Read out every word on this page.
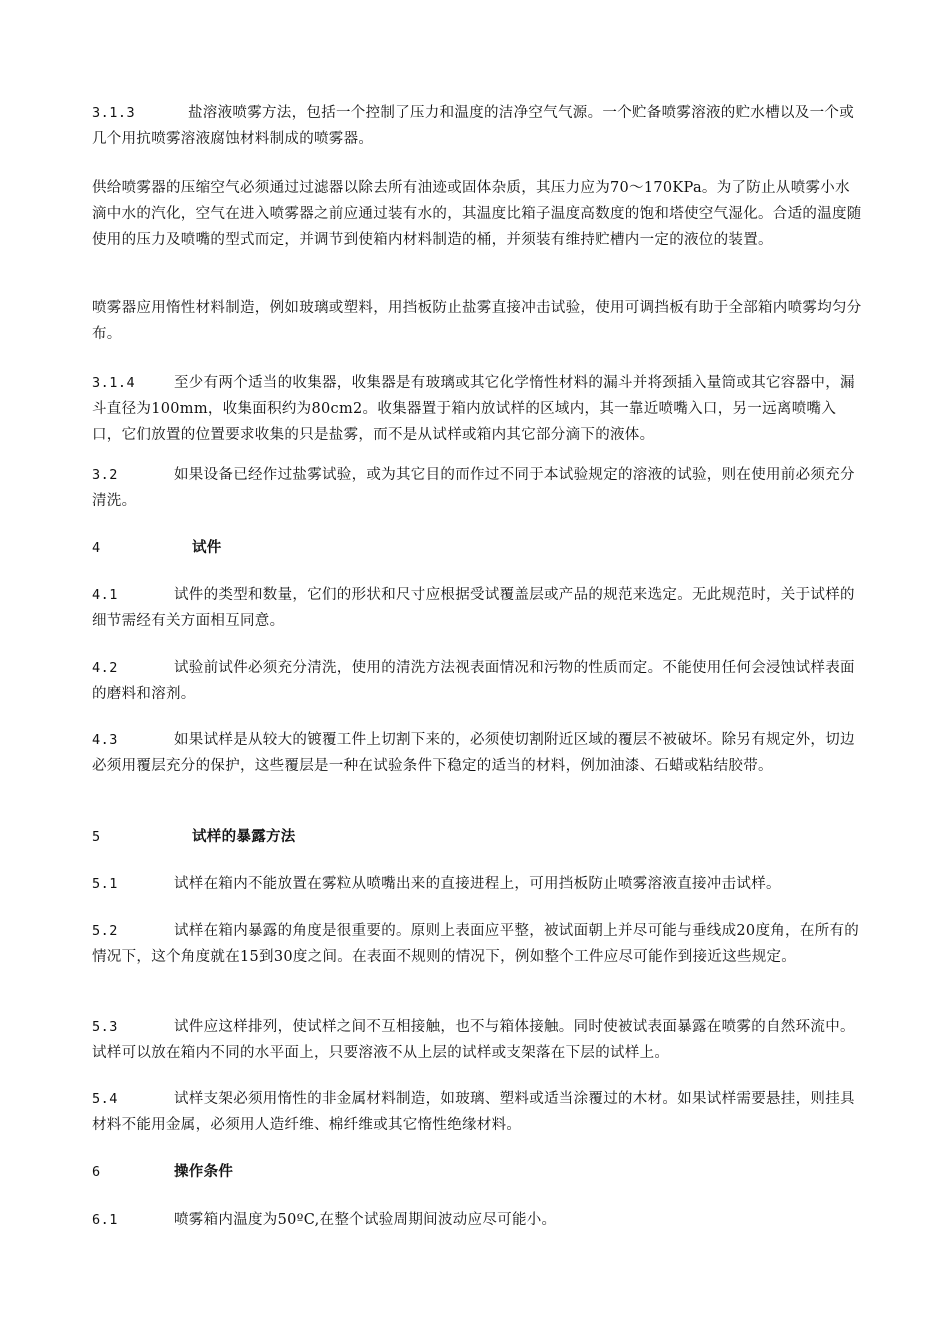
3.1.3	盐溶液喷雾方法，包括一个控制了压力和温度的洁净空气气源。一个贮备喷雾溶液的贮水槽以及一个或几个用抗喷雾溶液腐蚀材料制成的喷雾器。

供给喷雾器的压缩空气必须通过过滤器以除去所有油迹或固体杂质，其压力应为70～170KPa。为了防止从喷雾小水滴中水的汽化，空气在进入喷雾器之前应通过装有水的，其温度比箱子温度高数度的饱和塔使空气湿化。合适的温度随使用的压力及喷嘴的型式而定，并调节到使箱内材料制造的桶，并须装有维持贮槽内一定的液位的装置。

喷雾器应用惰性材料制造，例如玻璃或塑料，用挡板防止盐雾直接冲击试验，使用可调挡板有助于全部箱内喷雾均匀分布。

3.1.4	至少有两个适当的收集器，收集器是有玻璃或其它化学惰性材料的漏斗并将颈插入量筒或其它容器中，漏斗直径为100mm，收集面积约为80cm2。收集器置于箱内放试样的区域内，其一靠近喷嘴入口，另一远离喷嘴入口，它们放置的位置要求收集的只是盐雾，而不是从试样或箱内其它部分滴下的液体。

3.2	如果设备已经作过盐雾试验，或为其它目的而作过不同于本试验规定的溶液的试验，则在使用前必须充分清洗。

4	试件

4.1	试件的类型和数量，它们的形状和尺寸应根据受试覆盖层或产品的规范来选定。无此规范时，关于试样的细节需经有关方面相互同意。

4.2	试验前试件必须充分清洗，使用的清洗方法视表面情况和污物的性质而定。不能使用任何会浸蚀试样表面的磨料和溶剂。

4.3	如果试样是从较大的镀覆工件上切割下来的，必须使切割附近区域的覆层不被破坏。除另有规定外，切边必须用覆层充分的保护，这些覆层是一种在试验条件下稳定的适当的材料，例加油漆、石蜡或粘结胶带。

5	试样的暴露方法

5.1	试样在箱内不能放置在雾粒从喷嘴出来的直接进程上，可用挡板防止喷雾溶液直接冲击试样。

5.2	试样在箱内暴露的角度是很重要的。原则上表面应平整，被试面朝上并尽可能与垂线成20度角，在所有的情况下，这个角度就在15到30度之间。在表面不规则的情况下，例如整个工件应尽可能作到接近这些规定。

5.3	试件应这样排列，使试样之间不互相接触，也不与箱体接触。同时使被试表面暴露在喷雾的自然环流中。试样可以放在箱内不同的水平面上，只要溶液不从上层的试样或支架落在下层的试样上。

5.4	试样支架必须用惰性的非金属材料制造，如玻璃、塑料或适当涂覆过的木材。如果试样需要悬挂，则挂具材料不能用金属，必须用人造纤维、棉纤维或其它惰性绝缘材料。

6	操作条件

6.1	喷雾箱内温度为50ºC,在整个试验周期间波动应尽可能小。
